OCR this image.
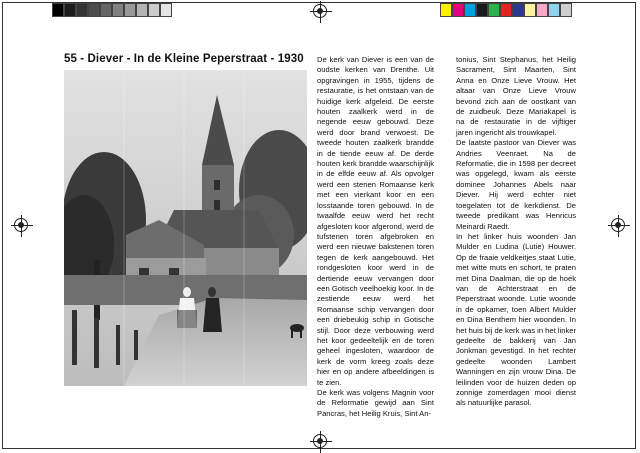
55 - Diever - In de Kleine Peperstraat - 1930 De kerk van Diever is een van de oudste kerken van Drenthe. Uit opgravingen in 1955, tijdens de restauratie, is het ontstaan van de huidige kerk afgeleid. De eerste houten zaalkerk werd in de negende eeuw gebouwd. Deze werd door brand verwoest. De tweede houten zaalkerk brandde in de tiende eeuw af. De derde houten kerk brandde waarschijnlijk in de elfde eeuw af. Als opvolger werd een stenen Romaanse kerk met een vierkant koor en een losstaande toren gebouwd. In de twaalfde eeuw werd het recht afgesloten koor afgerond, werd de tufstenen toren afgebroken en werd een nieuwe bakstenen toren tegen de kerk aangebouwd. Het rondgesloten koor werd in de dertiende eeuw vervangen door een Gotisch veelhoekig koor. In de zestiende eeuw werd het Romaanse schip vervangen door een driebeukig schip in Gotische stijl. Door deze verbouwing werd het koor gedeeltelijk en de toren geheel ingesloten, waardoor de kerk de vorm kreeg zoals deze hier en op andere afbeeldingen is te zien.

De kerk was volgens Magnin voor de Reformatie gewijd aan Sint Pancras, het Heilig Kruis, Sint An-

tonius, Sint Stephanus, het Heilig Sacrament, Sint Maarten, Sint Anna en Onze Lieve Vrouw. Het altaar van Onze Lieve Vrouw bevond zich aan de oostkant van de zuidbeuk. Deze Mariakapel is na de restauratie in de vijftiger jaren ingericht als trouwkapel.

De laatste pastoor van Diever was Andries Veenraet. Na de Reformatie, die in 1598 per decreet was opgelegd, kwam als eerste dominee Johannes Abels naar Diever. Hij werd echter niet toegelaten tot de kerkdienst. De tweede predikant was Henricus Meinardi Raedt.

In het linker huis woonden Jan Mulder en Ludina (Lutie) Houwer. Op de fraaie veldkeitjes staat Lutie, met witte muts en schort, te praten met Dina Daalman, die op de hoek van de Achterstraat en de Peperstraat woonde. Lutie woonde in de opkamer, toen Albert Mulder en Dina Benthem hier woonden. In het huis bij de kerk was in het linker gedeelte de bakkerij van Jan Jonkman gevestigd. In het rechter gedeelte woonden Lambert Wanningen en zijn vrouw Dina. De leilinden voor de huizen deden op zonnige zomerdagen mooi dienst als natuurlijke parasol.
